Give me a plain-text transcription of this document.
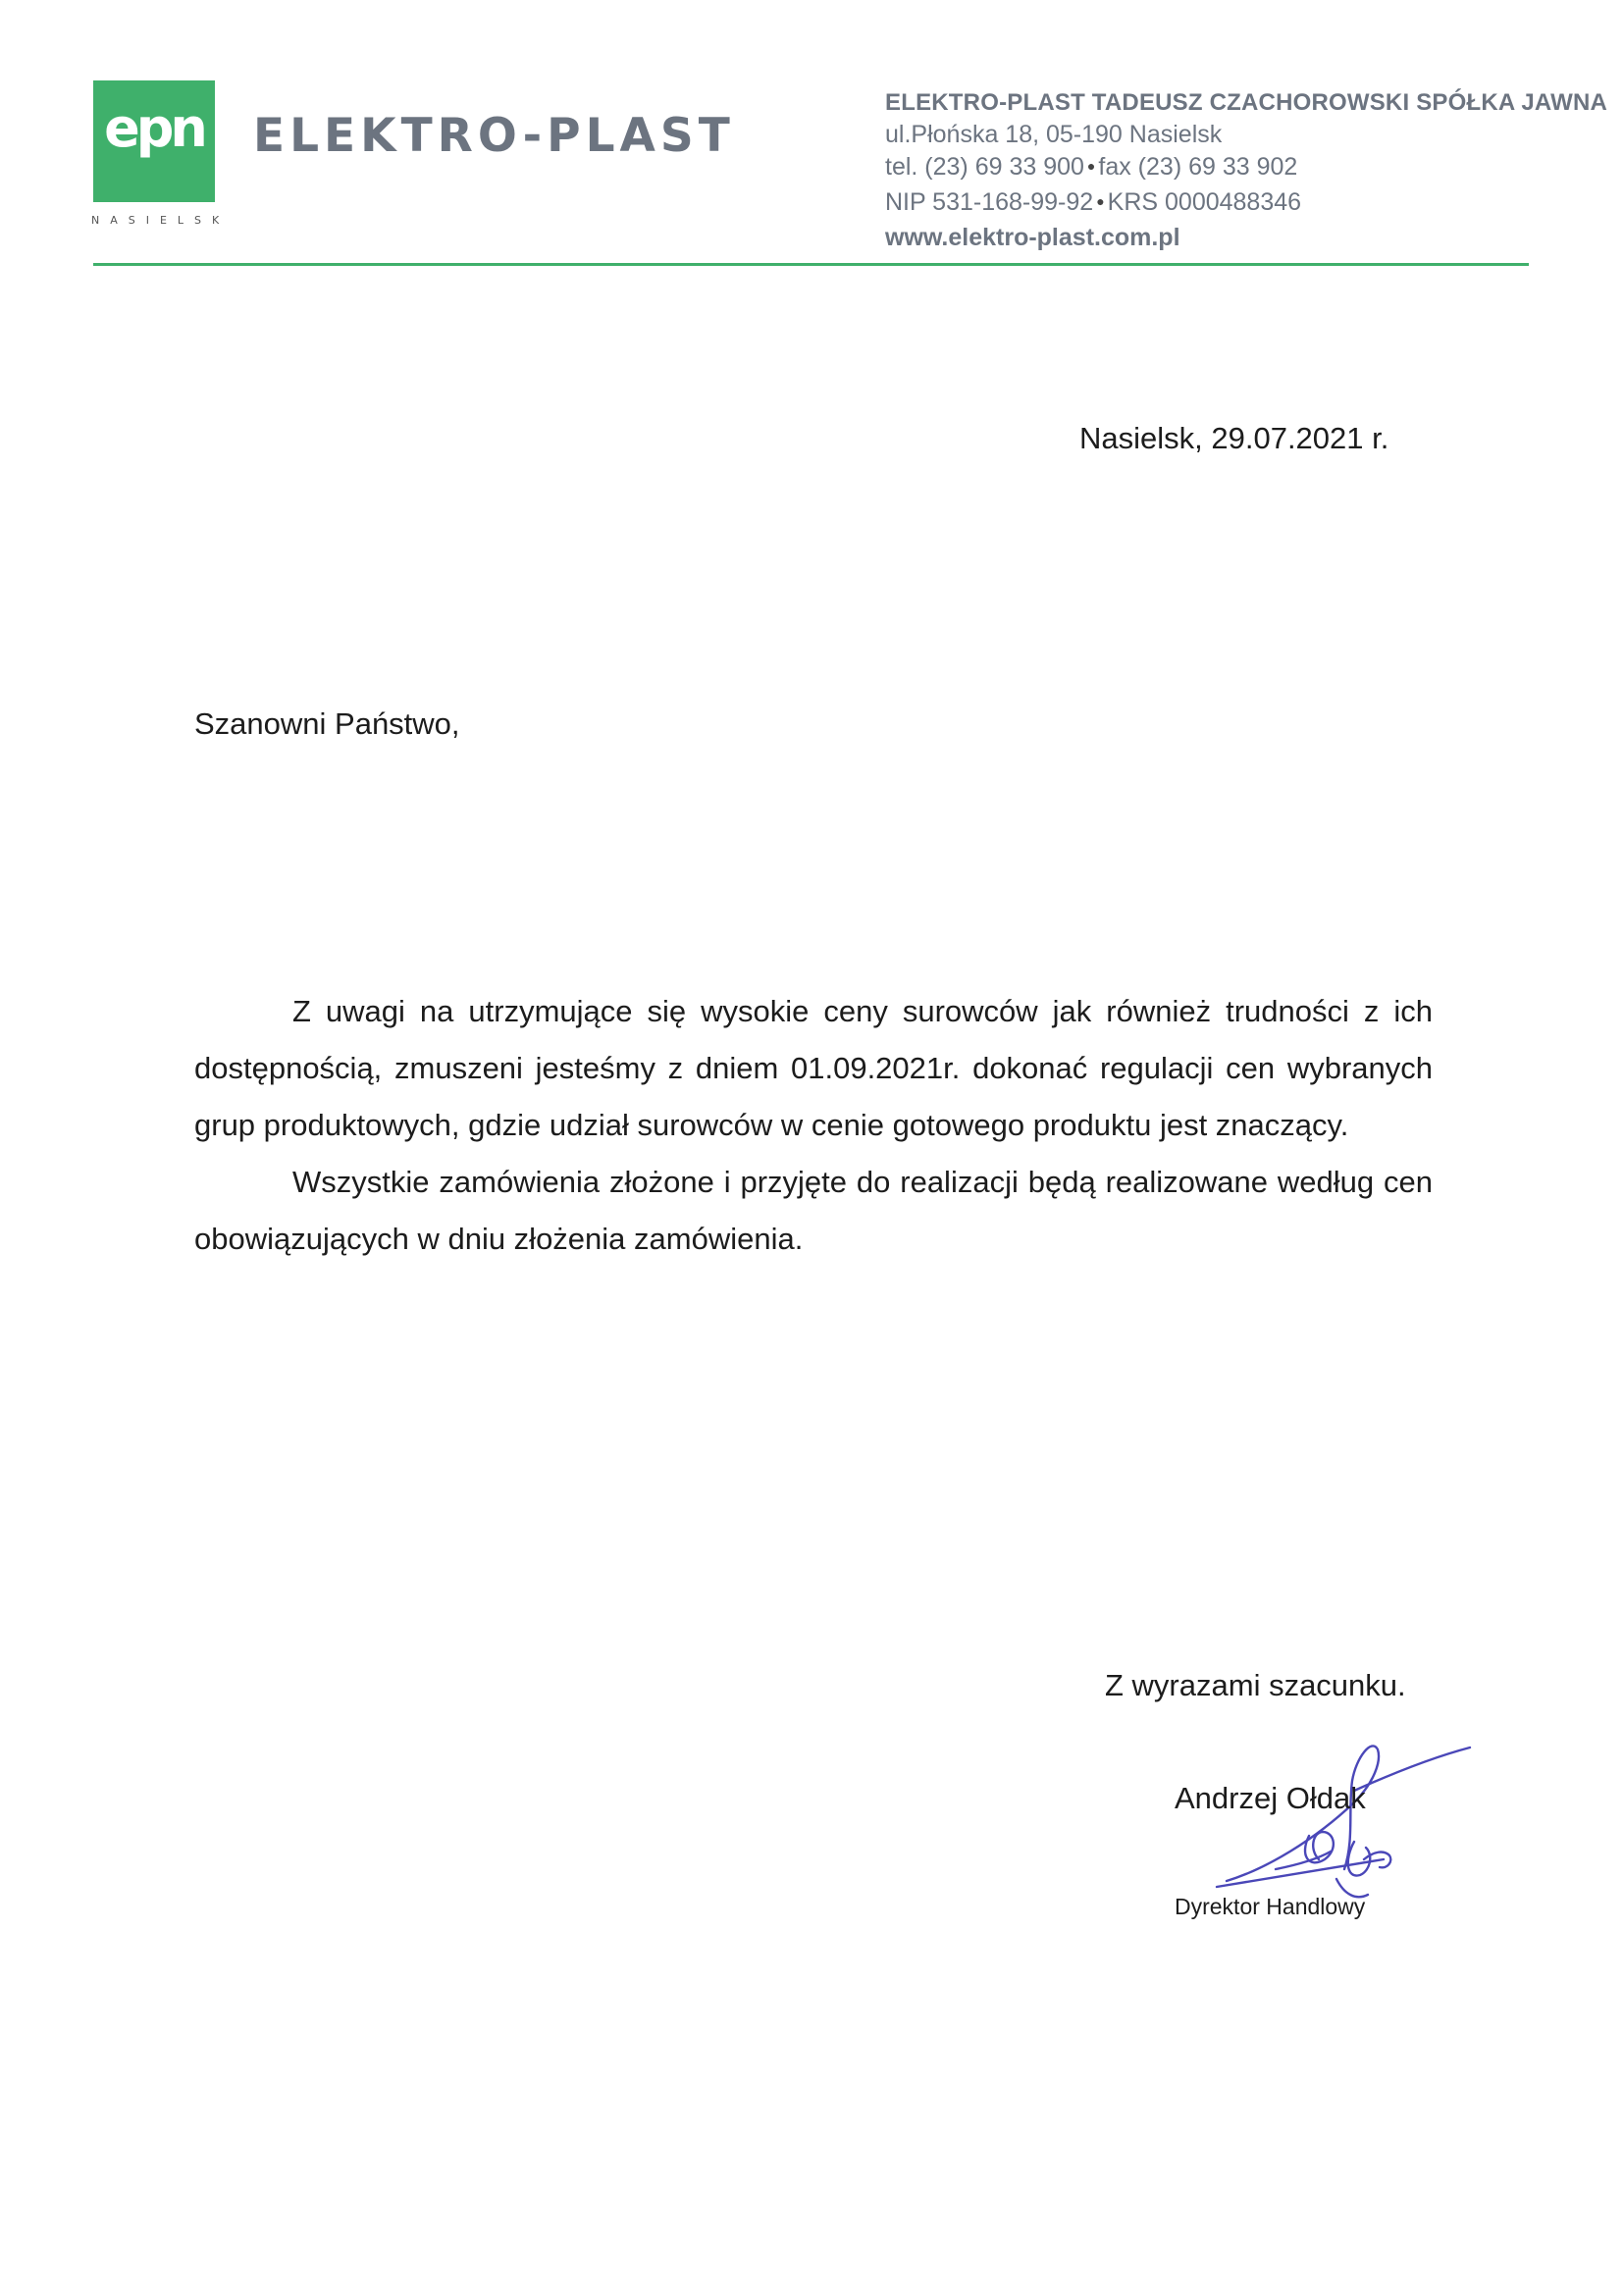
epn
NASIELSK
ELEKTRO-PLAST
ELEKTRO-PLAST TADEUSZ CZACHOROWSKI SPÓŁKA JAWNA
ul.Płońska 18, 05-190 Nasielsk
tel. (23) 69 33 900 ● fax (23) 69 33 902
NIP 531-168-99-92 ● KRS 0000488346
www.elektro-plast.com.pl
Nasielsk, 29.07.2021 r.
Szanowni Państwo,

Z uwagi na utrzymujące się wysokie ceny surowców jak również trudności z ich dostępnością, zmuszeni jesteśmy z dniem 01.09.2021r. dokonać regulacji cen wybranych grup produktowych, gdzie udział surowców w cenie gotowego produktu jest znaczący.

Wszystkie zamówienia złożone i przyjęte do realizacji będą realizowane według cen obowiązujących w dniu złożenia zamówienia.

Z wyrazami szacunku.
Andrzej Ołdak
Dyrektor Handlowy
